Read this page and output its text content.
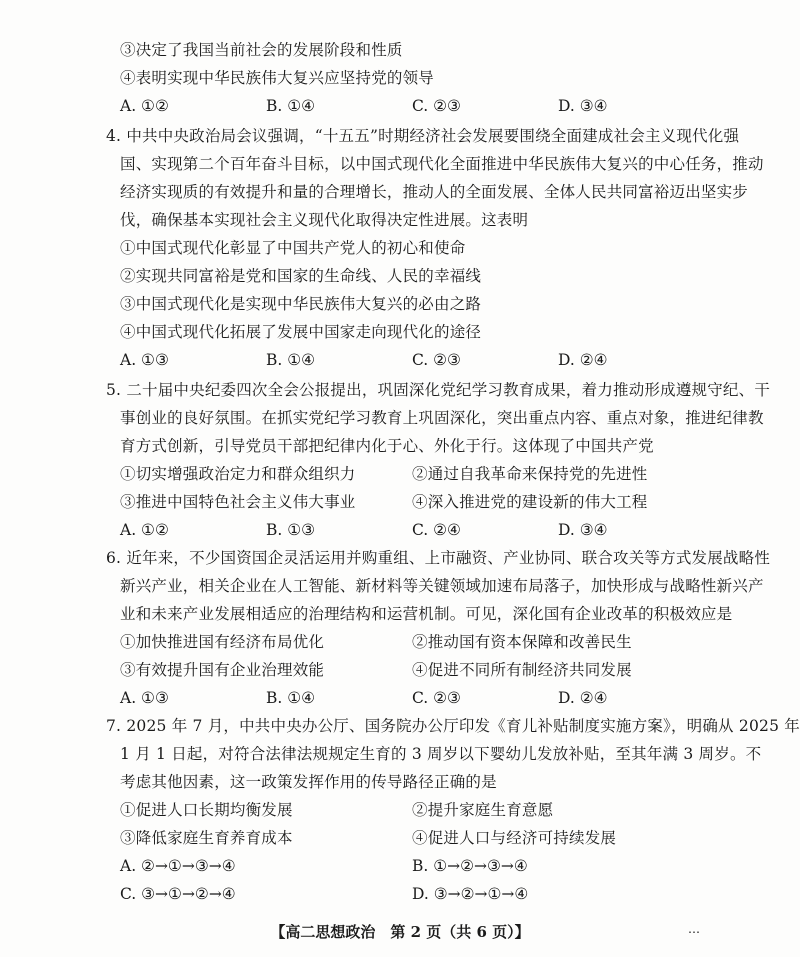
③决定了我国当前社会的发展阶段和性质
④表明实现中华民族伟大复兴应坚持党的领导
A. ①②	B. ①④	C. ②③	D. ③④
4. 中共中央政治局会议强调，“十五五”时期经济社会发展要围绕全面建成社会主义现代化强
国、实现第二个百年奋斗目标，以中国式现代化全面推进中华民族伟大复兴的中心任务，推动
经济实现质的有效提升和量的合理增长，推动人的全面发展、全体人民共同富裕迈出坚实步
伐，确保基本实现社会主义现代化取得决定性进展。这表明
①中国式现代化彰显了中国共产党人的初心和使命
②实现共同富裕是党和国家的生命线、人民的幸福线
③中国式现代化是实现中华民族伟大复兴的必由之路
④中国式现代化拓展了发展中国家走向现代化的途径
A. ①③	B. ①④	C. ②③	D. ②④
5. 二十届中央纪委四次全会公报提出，巩固深化党纪学习教育成果，着力推动形成遵规守纪、干
事创业的良好氛围。在抓实党纪学习教育上巩固深化，突出重点内容、重点对象，推进纪律教
育方式创新，引导党员干部把纪律内化于心、外化于行。这体现了中国共产党
①切实增强政治定力和群众组织力	②通过自我革命来保持党的先进性
③推进中国特色社会主义伟大事业	④深入推进党的建设新的伟大工程
A. ①②	B. ①③	C. ②④	D. ③④
6. 近年来，不少国资国企灵活运用并购重组、上市融资、产业协同、联合攻关等方式发展战略性
新兴产业，相关企业在人工智能、新材料等关键领域加速布局落子，加快形成与战略性新兴产
业和未来产业发展相适应的治理结构和运营机制。可见，深化国有企业改革的积极效应是
①加快推进国有经济布局优化	②推动国有资本保障和改善民生
③有效提升国有企业治理效能	④促进不同所有制经济共同发展
A. ①③	B. ①④	C. ②③	D. ②④
7. 2025 年 7 月，中共中央办公厅、国务院办公厅印发《育儿补贴制度实施方案》，明确从 2025 年
1 月 1 日起，对符合法律法规规定生育的 3 周岁以下婴幼儿发放补贴，至其年满 3 周岁。不
考虑其他因素，这一政策发挥作用的传导路径正确的是
①促进人口长期均衡发展	②提升家庭生育意愿
③降低家庭生育养育成本	④促进人口与经济可持续发展
A. ②→①→③→④	B. ①→②→③→④
C. ③→①→②→④	D. ③→②→①→④
【高二思想政治　第 2 页（共 6 页）】	⋯
